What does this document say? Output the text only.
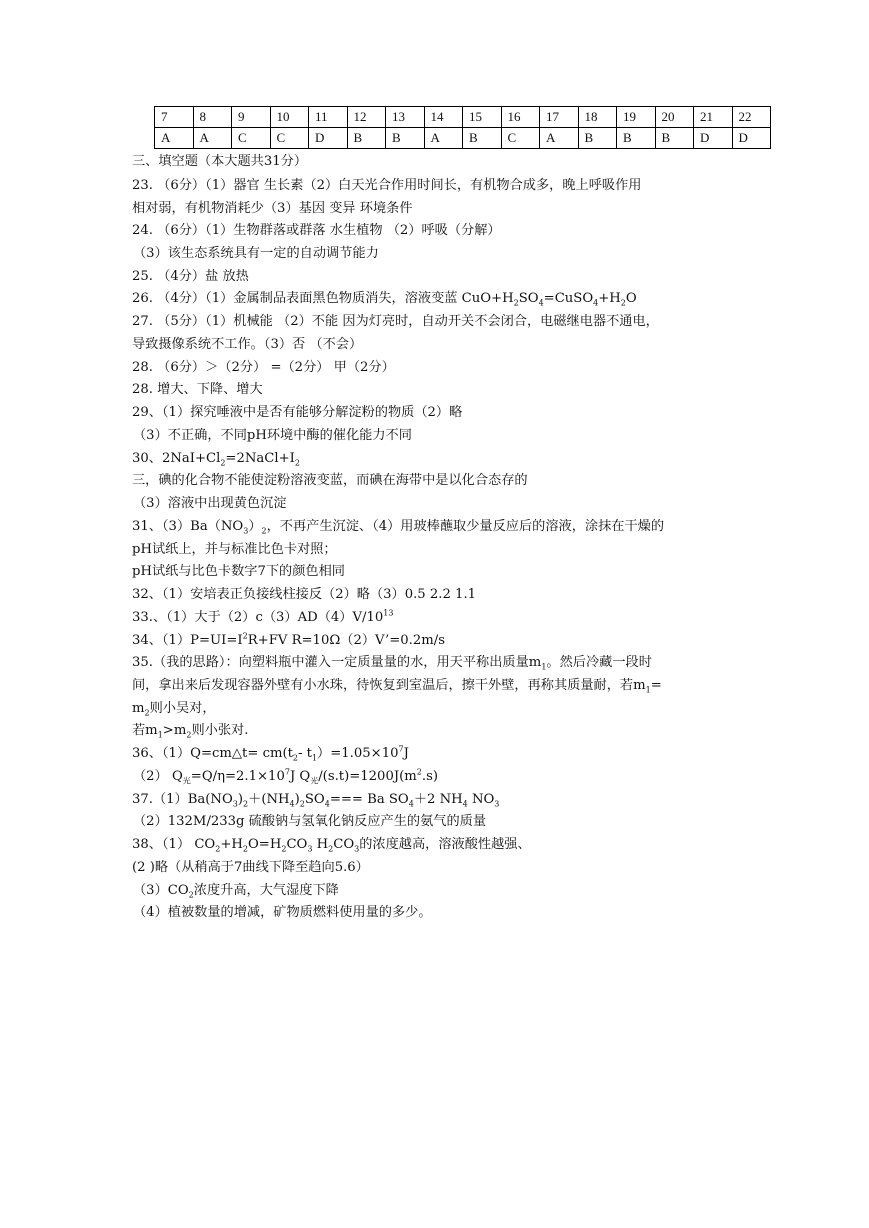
7	8	9	10	11	12	13	14	15	16	17	18	19	20	21	22
A	A	C	C	D	B	B	A	B	C	A	B	B	B	D	D
三、填空题（本大题共31分）
23. （6分）（1）器官 生长素（2）白天光合作用时间长，有机物合成多，晚上呼吸作用
相对弱，有机物消耗少（3）基因 变异 环境条件
24. （6分）（1）生物群落或群落 水生植物 （2）呼吸（分解）
（3）该生态系统具有一定的自动调节能力
25. （4分）盐 放热
26. （4分）（1）金属制品表面黑色物质消失，溶液变蓝 $CuO+H_2SO_4=CuSO_4+H_2O$
27. （5分）（1）机械能 （2）不能 因为灯亮时，自动开关不会闭合，电磁继电器不通电，
导致摄像系统不工作。（3）否 （不会）
28. （6分）＞（2分） =（2分） 甲（2分）
28. 增大、下降、增大
29、（1）探究唾液中是否有能够分解淀粉的物质（2）略
（3）不正确，不同pH环境中酶的催化能力不同
30、$2NaI+Cl_2=2NaCl+I_2$
三，碘的化合物不能使淀粉溶液变蓝，而碘在海带中是以化合态存的
（3）溶液中出现黄色沉淀
31、$(3)Ba(NO_3)_2$，不再产生沉淀、（4）用玻棒蘸取少量反应后的溶液，涂抹在干燥的
pH试纸上，并与标准比色卡对照；
pH试纸与比色卡数字7下的颜色相同
32、（1）安培表正负接线柱接反（2）略（3）0.5 2.2 1.1
33.、（1）大于$(2)c(3)AD(4)V/10^{13}$
34、$(1)P=UI=I^2R+FV$ R=10Ω（2）V’=0.2m/s
35.（我的思路）：向塑料瓶中灌入一定质量量的水，用天平称出质量$m_1$。然后冷藏一段时
间，拿出来后发现容器外壁有小水珠，待恢复到室温后，擦干外壁，再称其质量耐，若$m_1=$
$m_2$则小吴对，
若$m_1>m_2$则小张对.
36、（1）Q=cm△t= $cm(t_2-$ $t_1)=1.05\times 10^7J$
（2） $Q_光=Q/\eta=2.1\times 10^7J$ $Q_光/(s.t)=1200J(m^2.s)$
$37.(1)Ba(NO_3)_2+(NH_4)_2SO_4=== Ba$ $SO_4+2$ $NH_4$ $NO_3$
（2）132M/233g 硫酸钠与氢氧化钠反应产生的氨气的质量
38、（1） $CO_2+H_2O=H_2CO_3$ $H_2CO_3$的浓度越高，溶液酸性越强、
(2 )略（从稍高于7曲线下降至趋向5.6）
$(3)CO_2$浓度升高，大气湿度下降
（4）植被数量的增减，矿物质燃料使用量的多少。
